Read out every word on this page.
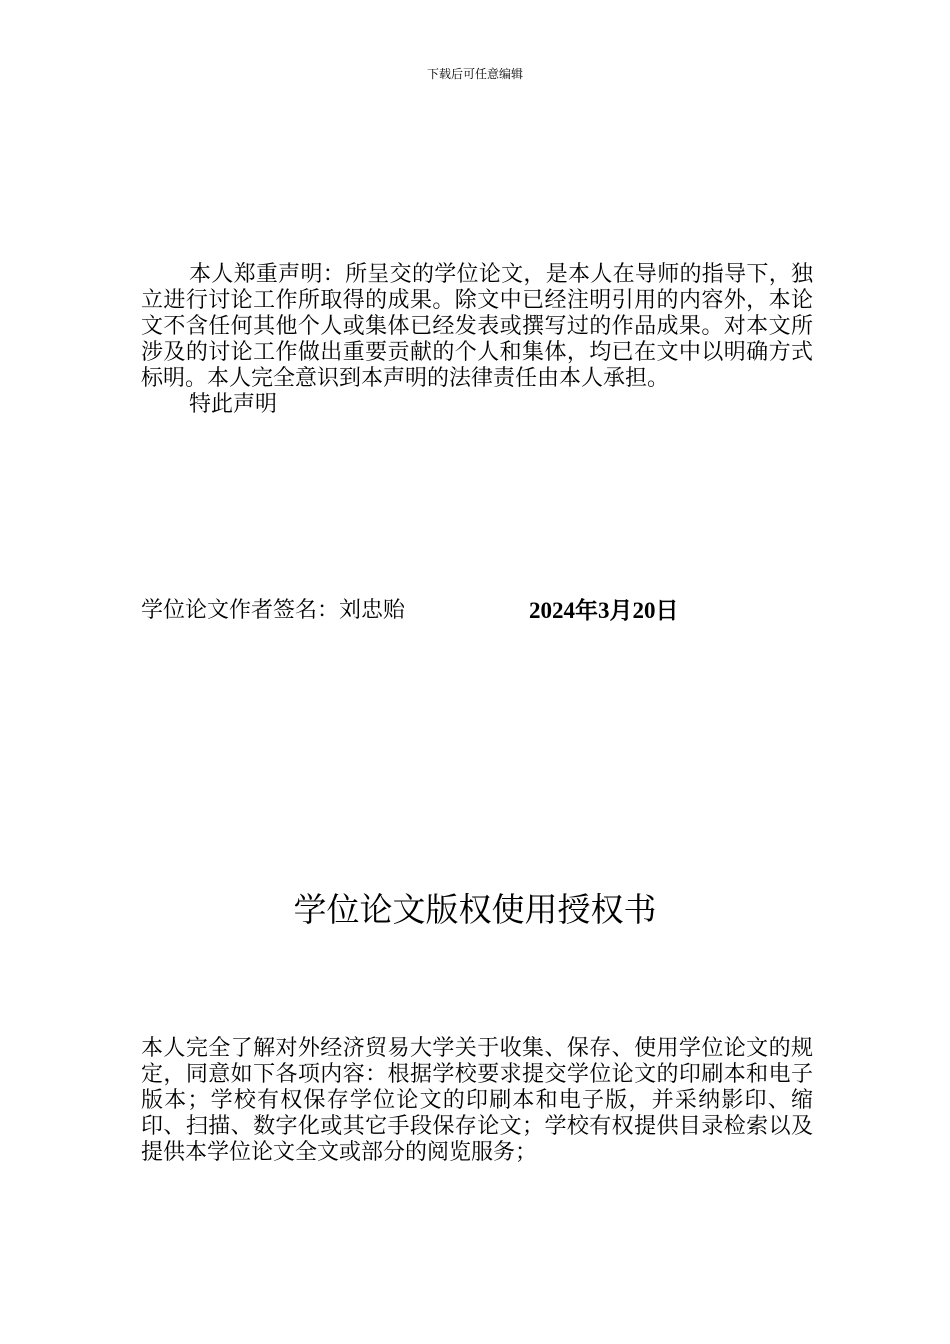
下载后可任意编辑

本人郑重声明：所呈交的学位论文，是本人在导师的指导下，独立进行讨论工作所取得的成果。除文中已经注明引用的内容外，本论文不含任何其他个人或集体已经发表或撰写过的作品成果。对本文所涉及的讨论工作做出重要贡献的个人和集体，均已在文中以明确方式标明。本人完全意识到本声明的法律责任由本人承担。

特此声明

学位论文作者签名：刘忠贻	2024年3月20日
学位论文版权使用授权书

本人完全了解对外经济贸易大学关于收集、保存、使用学位论文的规定，同意如下各项内容：根据学校要求提交学位论文的印刷本和电子版本；学校有权保存学位论文的印刷本和电子版，并采纳影印、缩印、扫描、数字化或其它手段保存论文；学校有权提供目录检索以及提供本学位论文全文或部分的阅览服务；
